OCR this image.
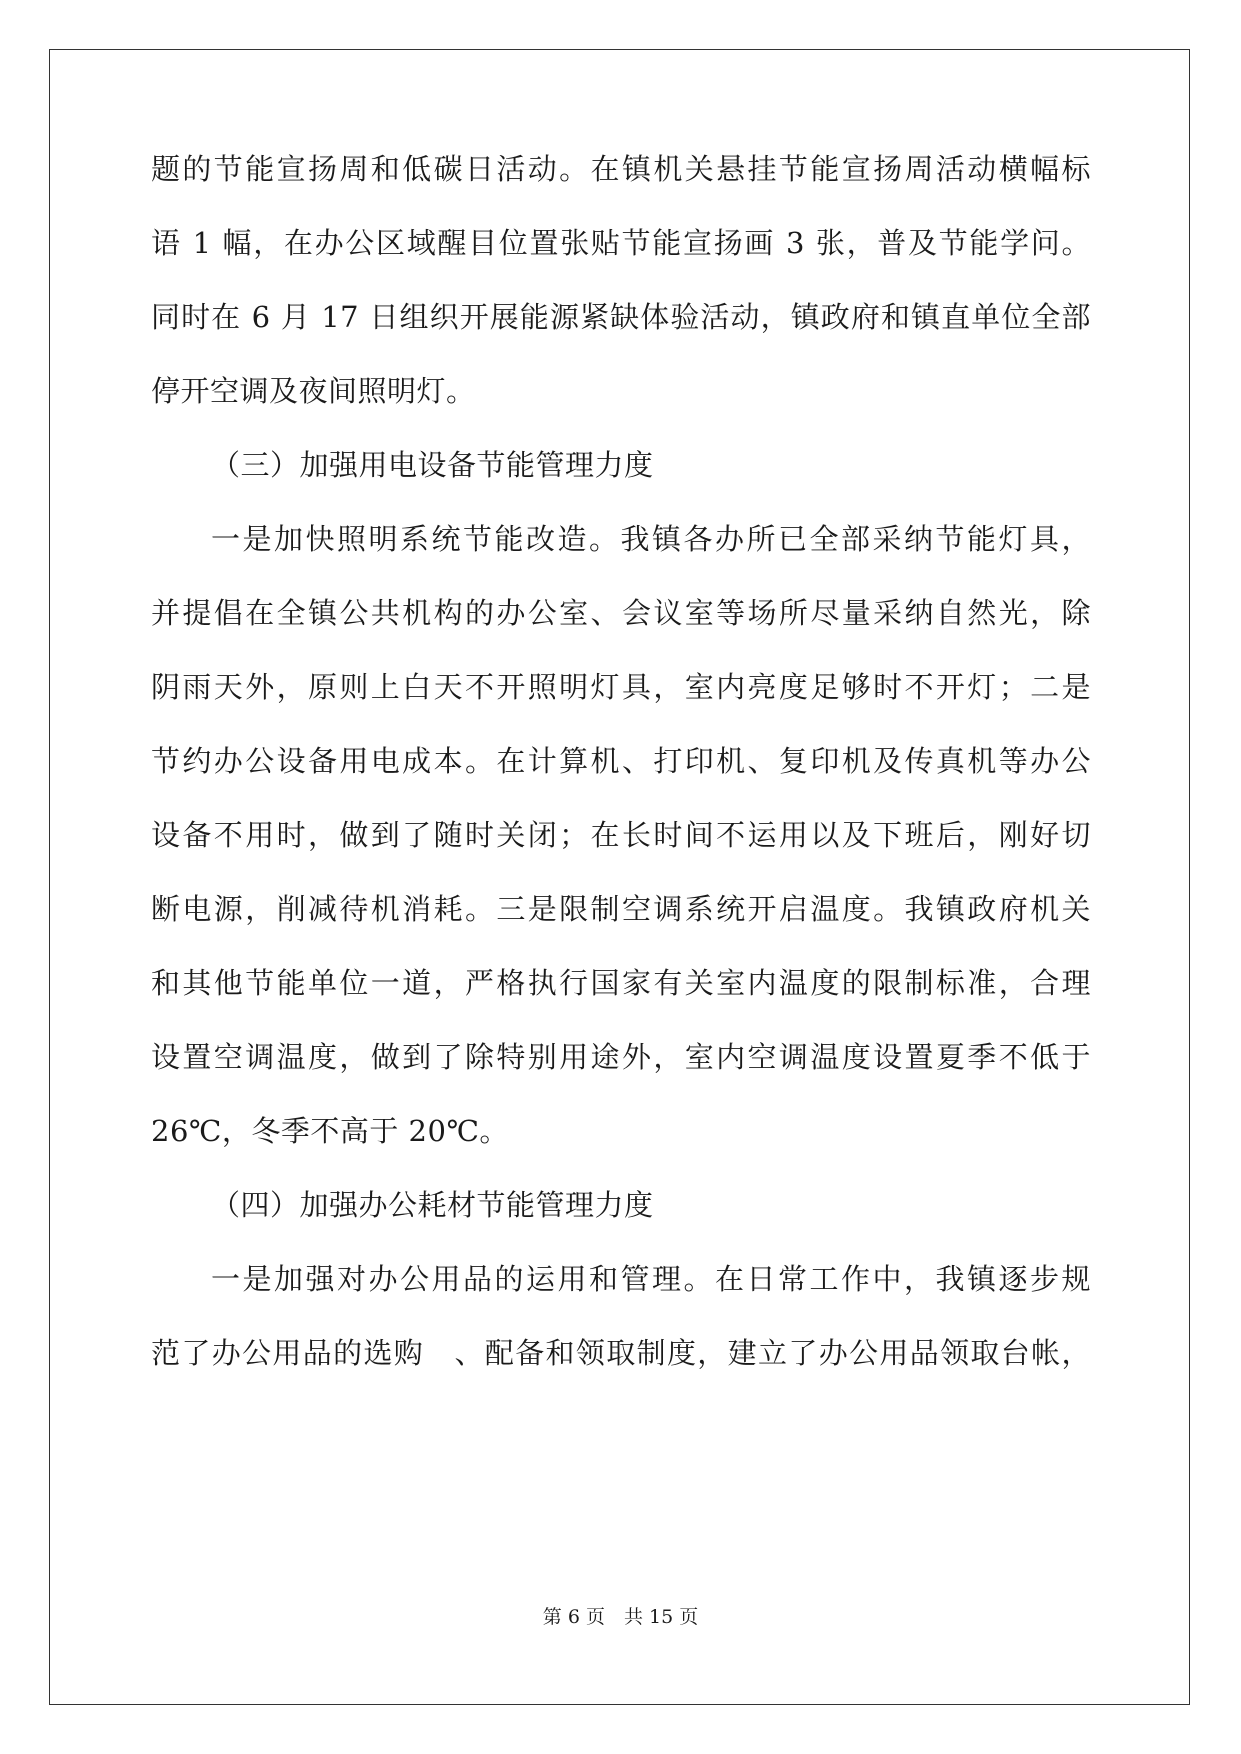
题的节能宣扬周和低碳日活动。在镇机关悬挂节能宣扬周活动横幅标
语 1 幅，在办公区域醒目位置张贴节能宣扬画 3 张，普及节能学问。
同时在 6 月 17 日组织开展能源紧缺体验活动，镇政府和镇直单位全部
停开空调及夜间照明灯。
（三）加强用电设备节能管理力度
一是加快照明系统节能改造。我镇各办所已全部采纳节能灯具，
并提倡在全镇公共机构的办公室、会议室等场所尽量采纳自然光，除
阴雨天外，原则上白天不开照明灯具，室内亮度足够时不开灯；二是
节约办公设备用电成本。在计算机、打印机、复印机及传真机等办公
设备不用时，做到了随时关闭；在长时间不运用以及下班后，刚好切
断电源，削减待机消耗。三是限制空调系统开启温度。我镇政府机关
和其他节能单位一道，严格执行国家有关室内温度的限制标准，合理
设置空调温度，做到了除特别用途外，室内空调温度设置夏季不低于
26℃，冬季不高于 20℃。
（四）加强办公耗材节能管理力度
一是加强对办公用品的运用和管理。在日常工作中，我镇逐步规
范了办公用品的选购　、配备和领取制度，建立了办公用品领取台帐，
第 6 页　共 15 页
